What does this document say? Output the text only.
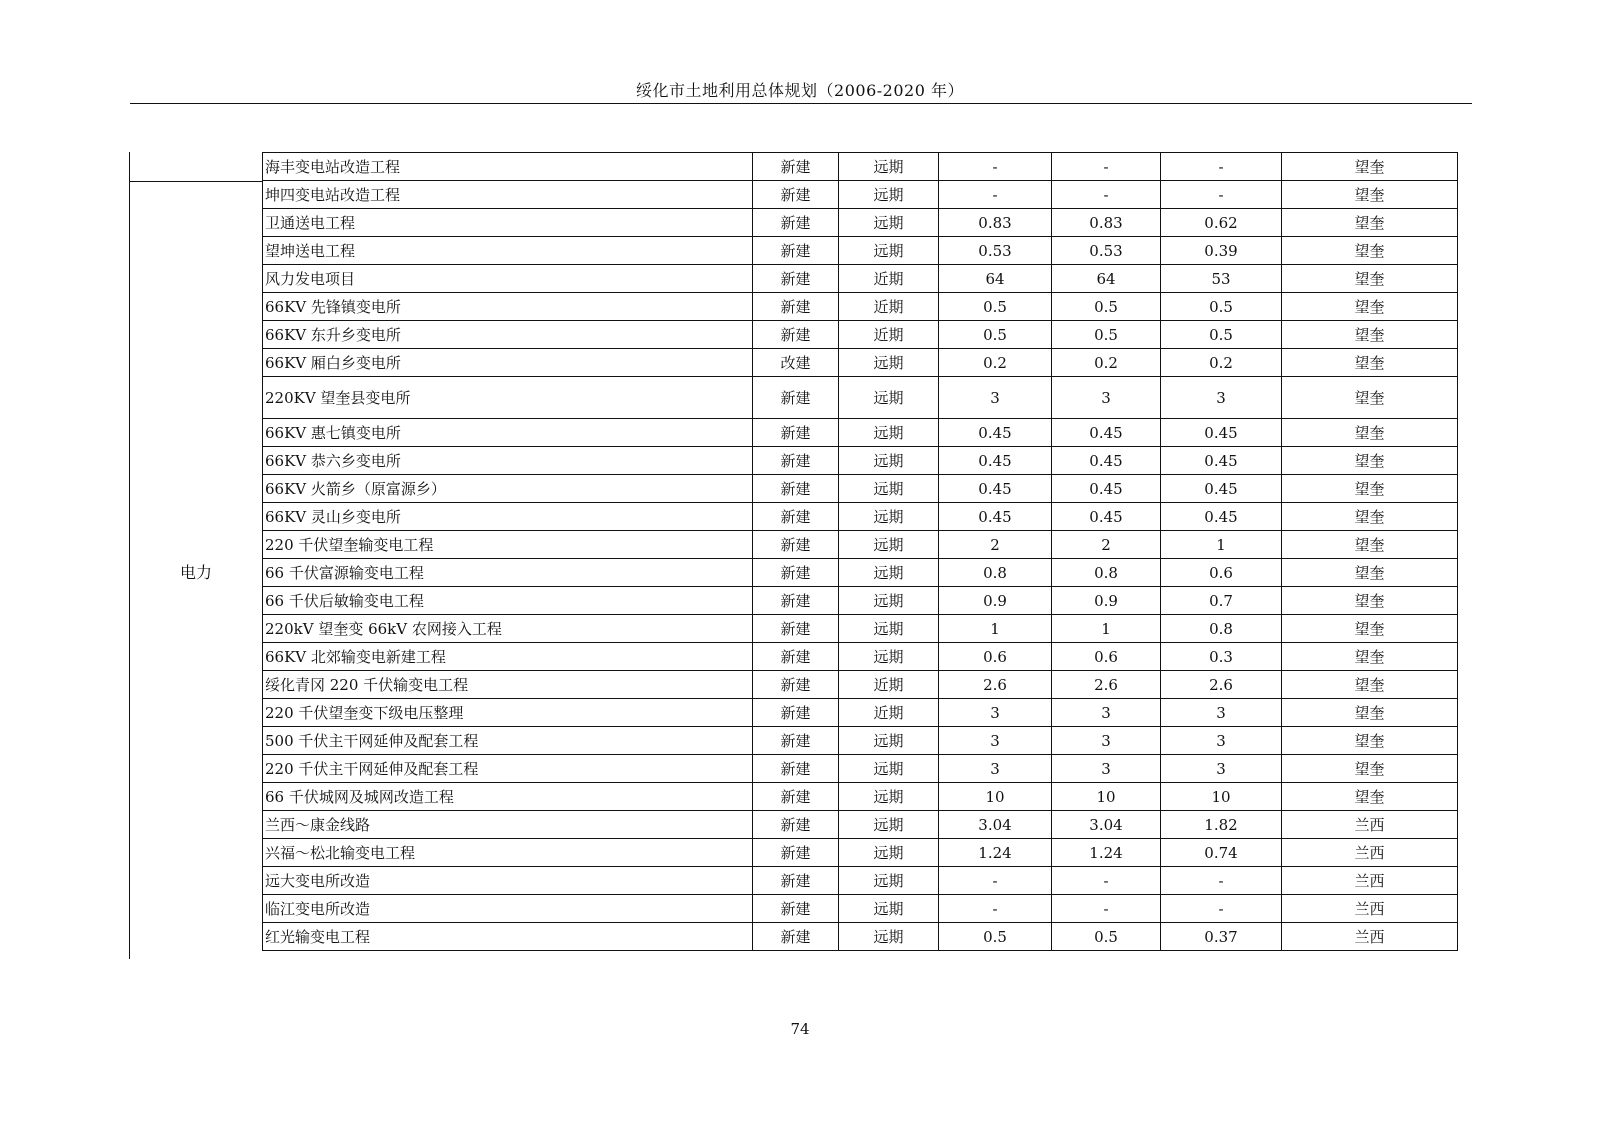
绥化市土地利用总体规划（2006-2020 年）
电力
海丰变电站改造工程	新建	远期	-	-	-	望奎
坤四变电站改造工程	新建	远期	-	-	-	望奎
卫通送电工程	新建	远期	0.83	0.83	0.62	望奎
望坤送电工程	新建	远期	0.53	0.53	0.39	望奎
风力发电项目	新建	近期	64	64	53	望奎
66KV 先锋镇变电所	新建	近期	0.5	0.5	0.5	望奎
66KV 东升乡变电所	新建	近期	0.5	0.5	0.5	望奎
66KV 厢白乡变电所	改建	远期	0.2	0.2	0.2	望奎
220KV 望奎县变电所	新建	远期	3	3	3	望奎
66KV 惠七镇变电所	新建	远期	0.45	0.45	0.45	望奎
66KV 恭六乡变电所	新建	远期	0.45	0.45	0.45	望奎
66KV 火箭乡（原富源乡）	新建	远期	0.45	0.45	0.45	望奎
66KV 灵山乡变电所	新建	远期	0.45	0.45	0.45	望奎
220 千伏望奎输变电工程	新建	远期	2	2	1	望奎
66 千伏富源输变电工程	新建	远期	0.8	0.8	0.6	望奎
66 千伏后敏输变电工程	新建	远期	0.9	0.9	0.7	望奎
220kV 望奎变 66kV 农网接入工程	新建	远期	1	1	0.8	望奎
66KV 北郊输变电新建工程	新建	远期	0.6	0.6	0.3	望奎
绥化青冈 220 千伏输变电工程	新建	近期	2.6	2.6	2.6	望奎
220 千伏望奎变下级电压整理	新建	近期	3	3	3	望奎
500 千伏主干网延伸及配套工程	新建	远期	3	3	3	望奎
220 千伏主干网延伸及配套工程	新建	远期	3	3	3	望奎
66 千伏城网及城网改造工程	新建	远期	10	10	10	望奎
兰西～康金线路	新建	远期	3.04	3.04	1.82	兰西
兴福～松北输变电工程	新建	远期	1.24	1.24	0.74	兰西
远大变电所改造	新建	远期	-	-	-	兰西
临江变电所改造	新建	远期	-	-	-	兰西
红光输变电工程	新建	远期	0.5	0.5	0.37	兰西
74
